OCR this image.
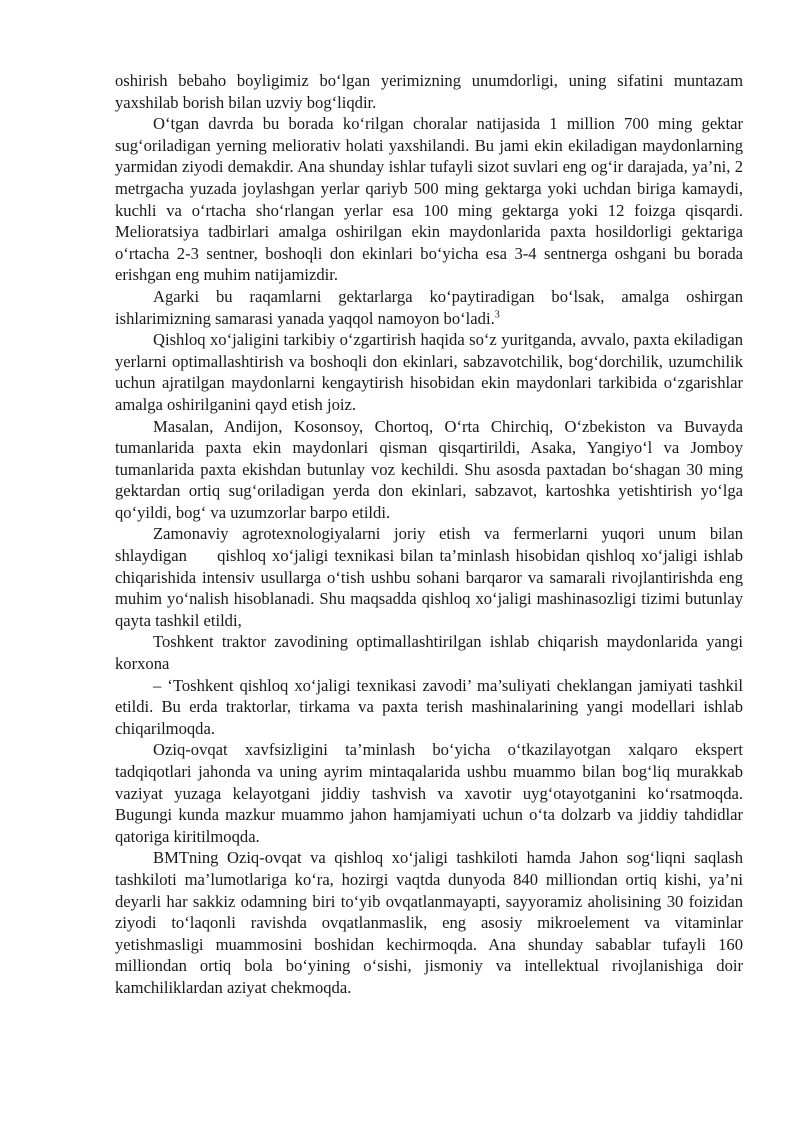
oshirish bebaho boyligimiz bo‘lgan yerimizning unumdorligi, uning sifatini muntazam yaxshilab borish bilan uzviy bog‘liqdir.

O‘tgan davrda bu borada ko‘rilgan choralar natijasida 1 million 700 ming gektar sug‘oriladigan yerning meliorativ holati yaxshilandi. Bu jami ekin ekiladigan maydonlarning yarmidan ziyodi demakdir. Ana shunday ishlar tufayli sizot suvlari eng og‘ir darajada, ya’ni, 2 metrgacha yuzada joylashgan yerlar qariyb 500 ming gektarga yoki uchdan biriga kamaydi, kuchli va o‘rtacha sho‘rlangan yerlar esa 100 ming gektarga yoki 12 foizga qisqardi. Melioratsiya tadbirlari amalga oshirilgan ekin maydonlarida paxta hosildorligi gektariga o‘rtacha 2-3 sentner, boshoqli don ekinlari bo‘yicha esa 3-4 sentnerga oshgani bu borada erishgan eng muhim natijamizdir.

Agarki bu raqamlarni gektarlarga ko‘paytiradigan bo‘lsak, amalga oshirgan ishlarimizning samarasi yanada yaqqol namoyon bo‘ladi.$^3$

Qishloq xo‘jaligini tarkibiy o‘zgartirish haqida so‘z yuritganda, avvalo, paxta ekiladigan yerlarni optimallashtirish va boshoqli don ekinlari, sabzavotchilik, bog‘dorchilik, uzumchilik uchun ajratilgan maydonlarni kengaytirish hisobidan ekin maydonlari tarkibida o‘zgarishlar amalga oshirilganini qayd etish joiz.

Masalan, Andijon, Kosonsoy, Chortoq, O‘rta Chirchiq, O‘zbekiston va Buvayda tumanlarida paxta ekin maydonlari qisman qisqartirildi, Asaka, Yangiyo‘l va Jomboy tumanlarida paxta ekishdan butunlay voz kechildi. Shu asosda paxtadan bo‘shagan 30 ming gektardan ortiq sug‘oriladigan yerda don ekinlari, sabzavot, kartoshka yetishtirish yo‘lga qo‘yildi, bog‘ va uzumzorlar barpo etildi.

Zamonaviy agrotexnologiyalarni joriy etish va fermerlarni yuqori unum bilan shlaydigan     qishloq xo‘jaligi texnikasi bilan ta’minlash hisobidan qishloq xo‘jaligi ishlab chiqarishida intensiv usullarga o‘tish ushbu sohani barqaror va samarali rivojlantirishda eng muhim yo‘nalish hisoblanadi. Shu maqsadda qishloq xo‘jaligi mashinasozligi tizimi butunlay qayta tashkil etildi,

Toshkent traktor zavodining optimallashtirilgan ishlab chiqarish maydonlarida yangi korxona

– ‘Toshkent qishloq xo‘jaligi texnikasi zavodi’ ma’suliyati cheklangan jamiyati tashkil etildi. Bu erda traktorlar, tirkama va paxta terish mashinalarining yangi modellari ishlab chiqarilmoqda.

Oziq-ovqat xavfsizligini ta’minlash bo‘yicha o‘tkazilayotgan xalqaro ekspert tadqiqotlari jahonda va uning ayrim mintaqalarida ushbu muammo bilan bog‘liq murakkab vaziyat yuzaga kelayotgani jiddiy tashvish va xavotir uyg‘otayotganini ko‘rsatmoqda. Bugungi kunda mazkur muammo jahon hamjamiyati uchun o‘ta dolzarb va jiddiy tahdidlar qatoriga kiritilmoqda.

BMTning Oziq-ovqat va qishloq xo‘jaligi tashkiloti hamda Jahon sog‘liqni saqlash tashkiloti ma’lumotlariga ko‘ra, hozirgi vaqtda dunyoda 840 milliondan ortiq kishi, ya’ni deyarli har sakkiz odamning biri to‘yib ovqatlanmayapti, sayyoramiz aholisining 30 foizidan ziyodi to‘laqonli ravishda ovqatlanmaslik, eng asosiy mikroelement va vitaminlar yetishmasligi muammosini boshidan kechirmoqda. Ana shunday sabablar tufayli 160 milliondan ortiq bola bo‘yining o‘sishi, jismoniy va intellektual rivojlanishiga doir kamchiliklardan aziyat chekmoqda.
